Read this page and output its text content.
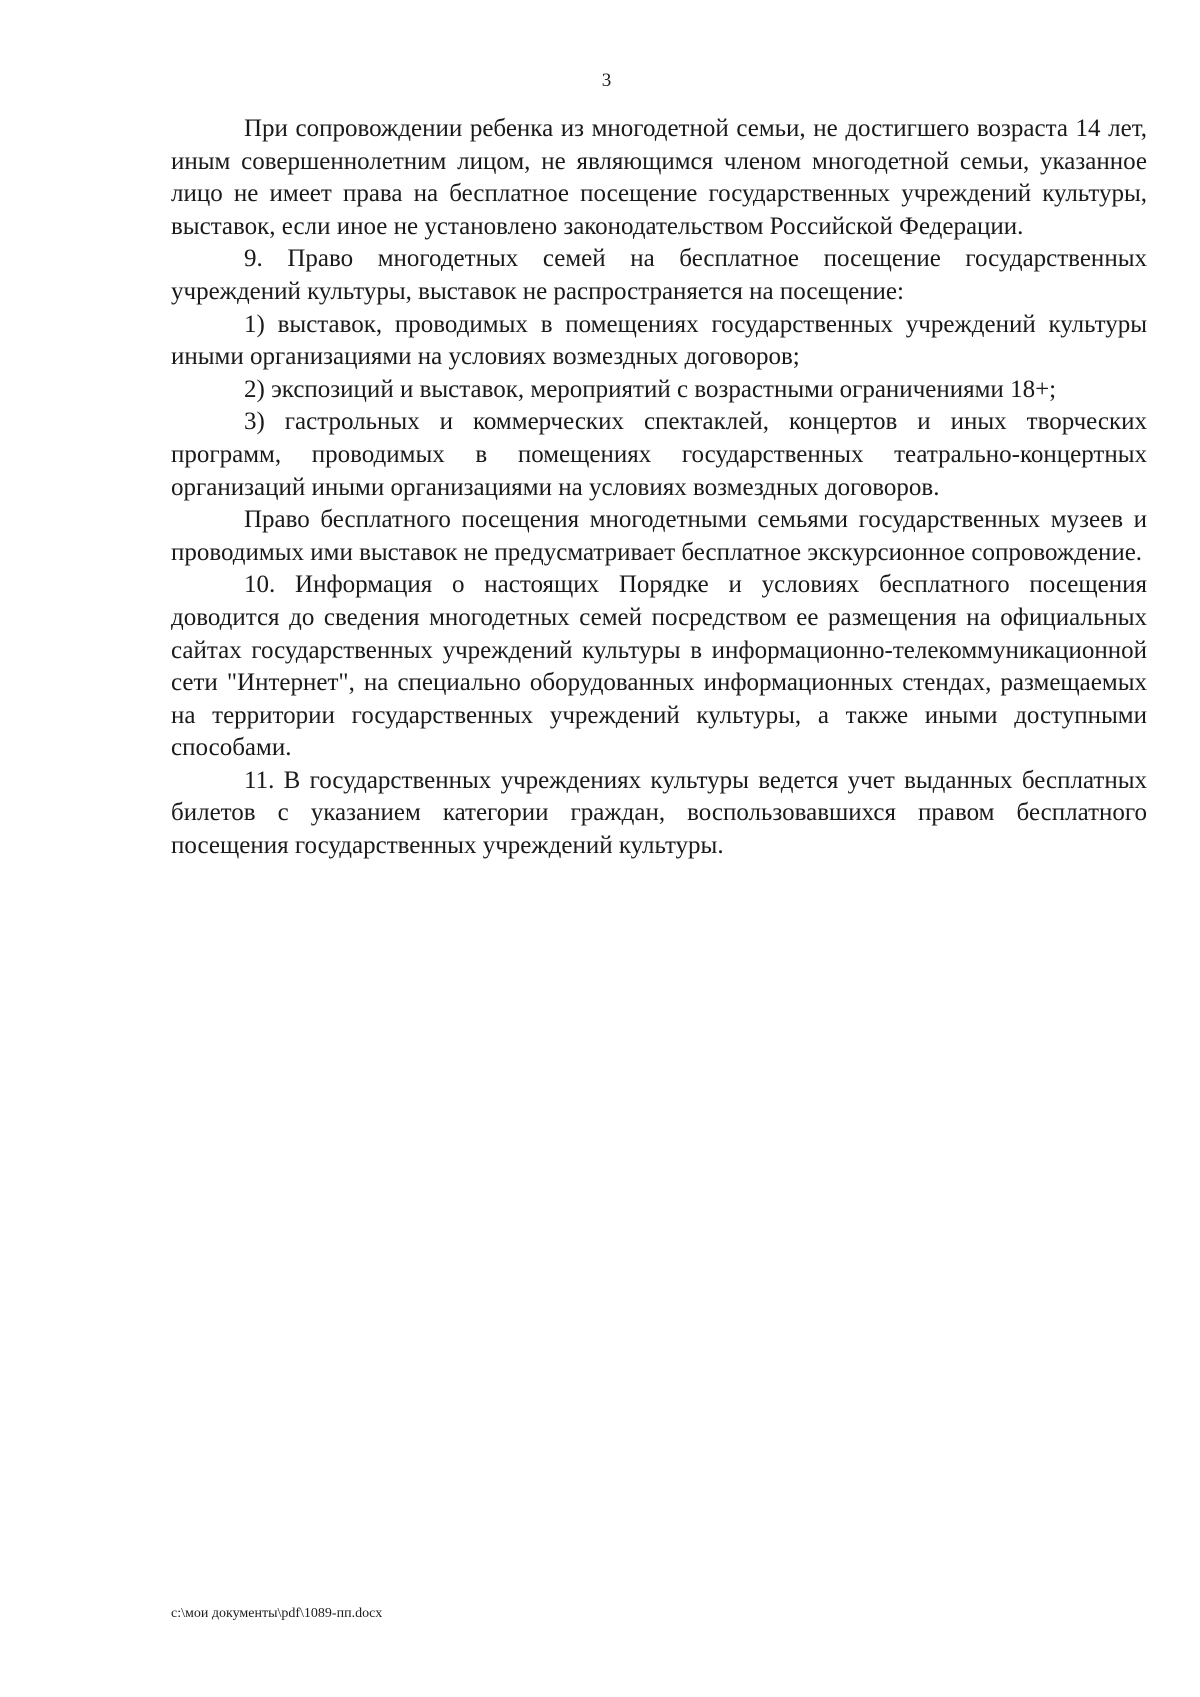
3

При сопровождении ребенка из многодетной семьи, не достигшего возраста 14 лет, иным совершеннолетним лицом, не являющимся членом многодетной семьи, указанное лицо не имеет права на бесплатное посещение государственных учреждений культуры, выставок, если иное не установлено законодательством Российской Федерации.

9. Право многодетных семей на бесплатное посещение государственных учреждений культуры, выставок не распространяется на посещение:

1) выставок, проводимых в помещениях государственных учреждений культуры иными организациями на условиях возмездных договоров;

2) экспозиций и выставок, мероприятий с возрастными ограничениями 18+;

3) гастрольных и коммерческих спектаклей, концертов и иных творческих программ, проводимых в помещениях государственных театрально-концертных организаций иными организациями на условиях возмездных договоров.

Право бесплатного посещения многодетными семьями государственных музеев и проводимых ими выставок не предусматривает бесплатное экскурсионное сопровождение.

10. Информация о настоящих Порядке и условиях бесплатного посещения доводится до сведения многодетных семей посредством ее размещения на официальных сайтах государственных учреждений культуры в информационно-телекоммуникационной сети "Интернет", на специально оборудованных информационных стендах, размещаемых на территории государственных учреждений культуры, а также иными доступными способами.

11. В государственных учреждениях культуры ведется учет выданных бесплатных билетов с указанием категории граждан, воспользовавшихся правом бесплатного посещения государственных учреждений культуры.

c:\мои документы\pdf\1089-пп.docx
